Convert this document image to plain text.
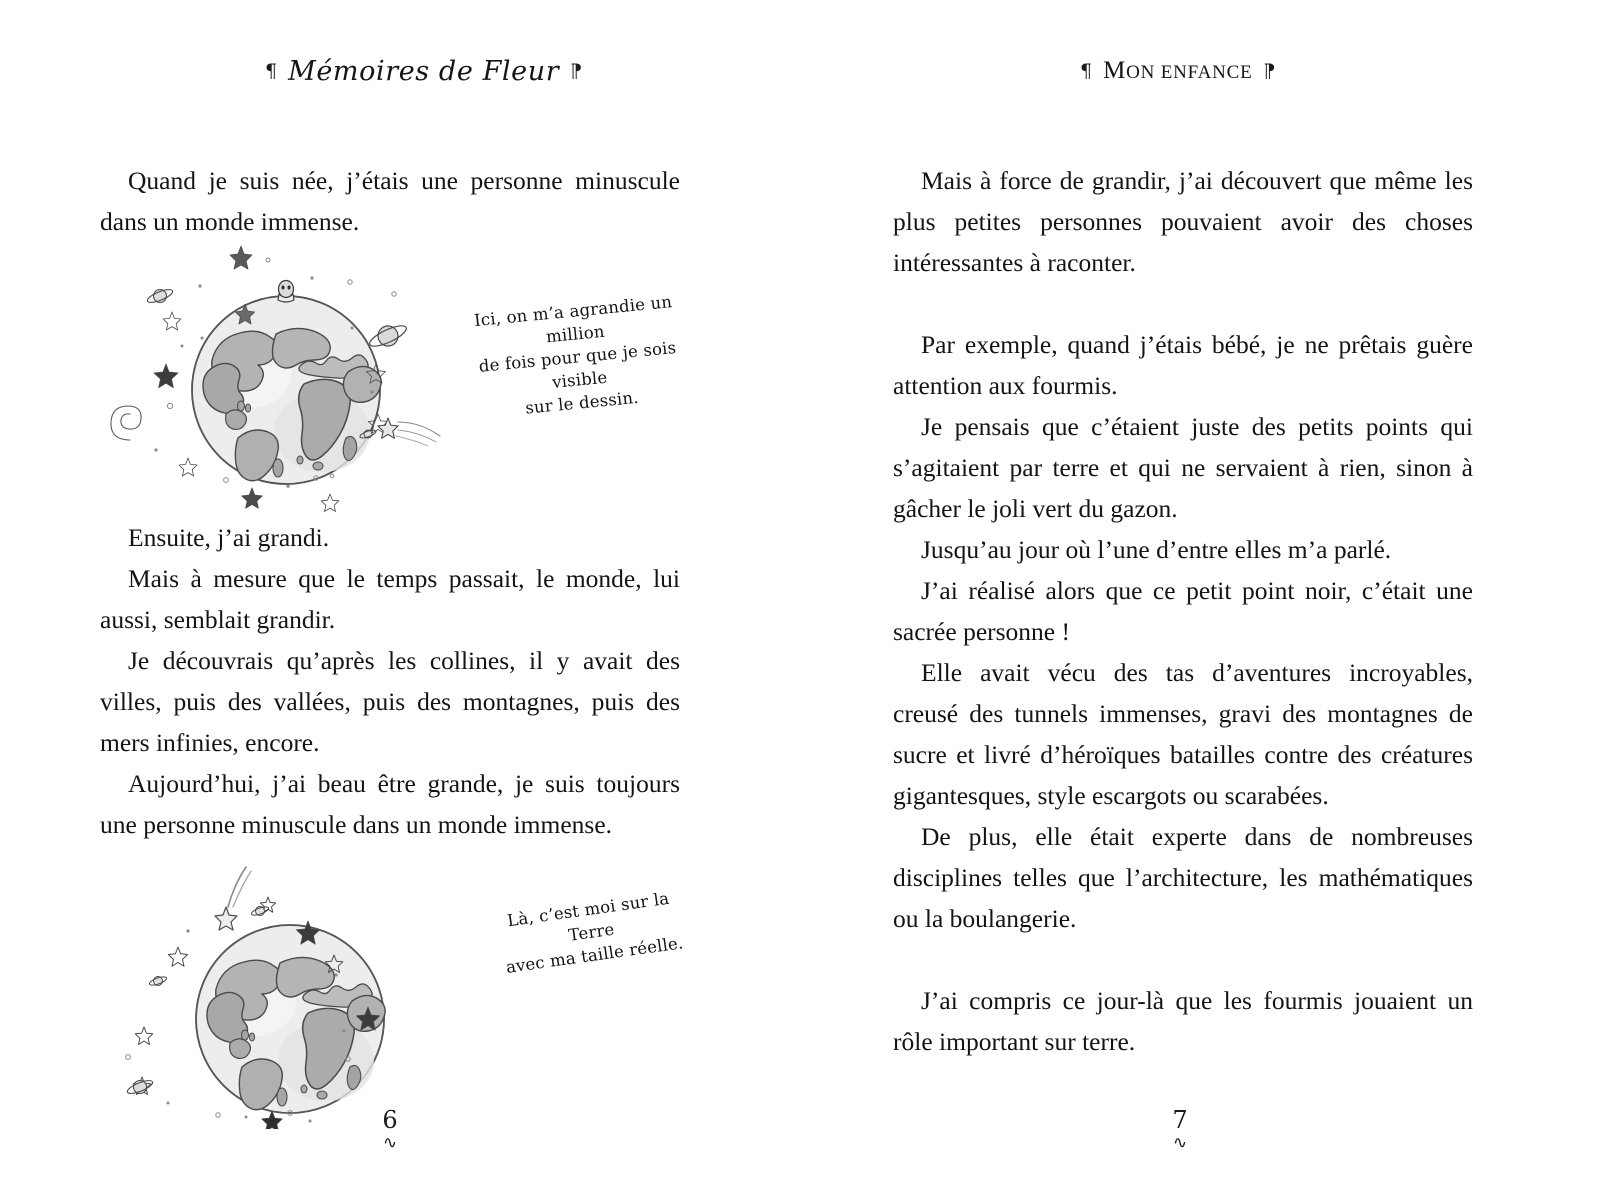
⁋ Mémoires de Fleur ⁋	⁋ MON ENFANCE ⁋

Quand je suis née, j’étais une personne minuscule dans un monde immense.

Ici, on m’a agrandie un million
de fois pour que je sois visible
sur le dessin.

Ensuite, j’ai grandi.

Mais à mesure que le temps passait, le monde, lui aussi, semblait grandir.

Je découvrais qu’après les collines, il y avait des villes, puis des vallées, puis des montagnes, puis des mers infinies, encore.

Aujourd’hui, j’ai beau être grande, je suis toujours une personne minuscule dans un monde immense.

Là, c’est moi sur la Terre
avec ma taille réelle.

Mais à force de grandir, j’ai découvert que même les plus petites personnes pouvaient avoir des choses intéressantes à raconter.

Par exemple, quand j’étais bébé, je ne prêtais guère attention aux fourmis.

Je pensais que c’étaient juste des petits points qui s’agitaient par terre et qui ne servaient à rien, sinon à gâcher le joli vert du gazon.

Jusqu’au jour où l’une d’entre elles m’a parlé.

J’ai réalisé alors que ce petit point noir, c’était une sacrée personne !

Elle avait vécu des tas d’aventures incroyables, creusé des tunnels immenses, gravi des montagnes de sucre et livré d’héroïques batailles contre des créatures gigantesques, style escargots ou scarabées.

De plus, elle était experte dans de nombreuses disciplines telles que l’architecture, les mathématiques ou la boulangerie.

J’ai compris ce jour-là que les fourmis jouaient un rôle important sur terre.

6
∿
7
∿
